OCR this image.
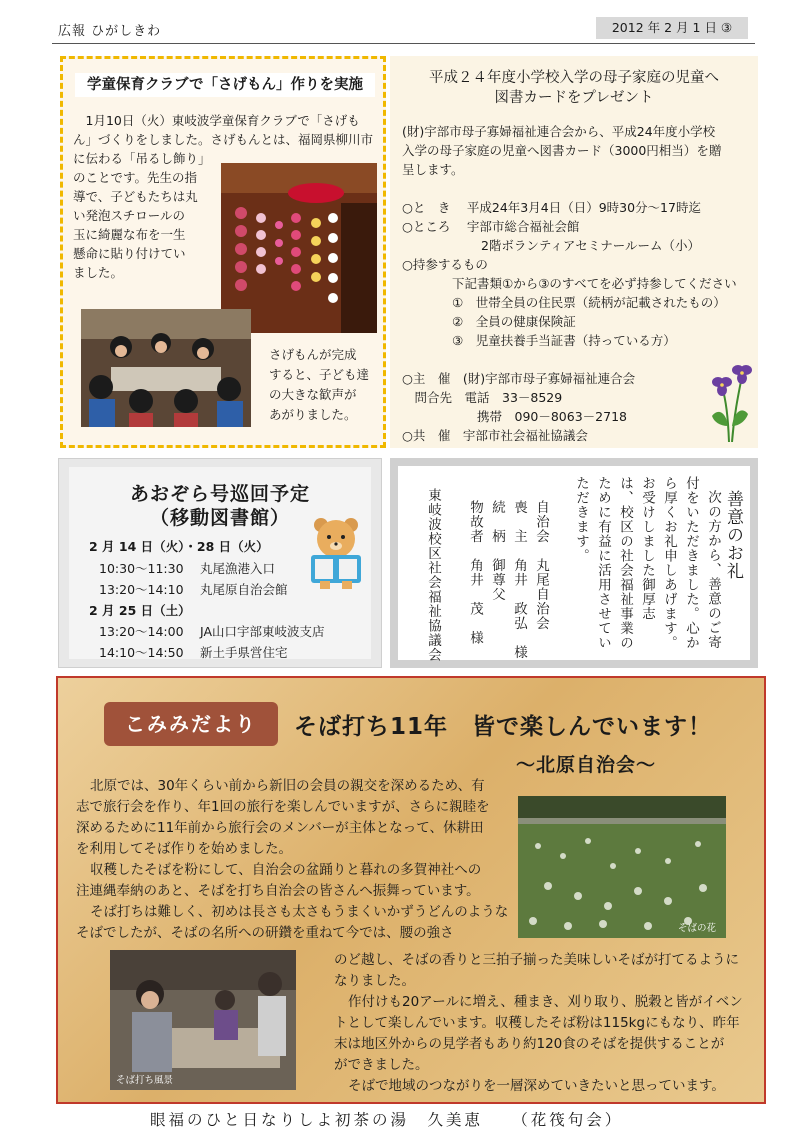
広報 ひがしきわ	2012 年 2 月 1 日 ③
学童保育クラブで「さげもん」作りを実施
1月10日（火）東岐波学童保育クラブで「さげも
ん」づくりをしました。さげもんとは、福岡県柳川市
に伝わる「吊るし飾り」
のことです。先生の指
導で、子どもたちは丸
い発泡スチロールの
玉に綺麗な布を一生
懸命に貼り付けてい
ました。
さげもんが完成
すると、子ども達
の大きな歓声が
あがりました。
平成２４年度小学校入学の母子家庭の児童へ
図書カードをプレゼント
(財)宇部市母子寡婦福祉連合会から、平成24年度小学校
入学の母子家庭の児童へ図書カード（3000円相当）を贈
呈します。
○と　き　 平成24年3月4日（日）9時30分～17時迄
○ところ　 宇部市総合福祉会館
　　　　　　 2階ボランティアセミナールーム（小）
○持参するもの
　　　　下記書類①から③のすべてを必ず持参してください
　　　　①　世帯全員の住民票（続柄が記載されたもの）
　　　　②　全員の健康保険証
　　　　③　児童扶養手当証書（持っている方）
○主　催　(財)宇部市母子寡婦福祉連合会
　問合先　電話　33－8529
　　　　　　携帯　090－8063－2718
○共　催　宇部市社会福祉協議会
あおぞら号巡回予定
（移動図書館）
2 月 14 日（火）・28 日（火）
10:30～11:30　 丸尾漁港入口
13:20～14:10　 丸尾原自治会館
2 月 25 日（土）
13:20～14:00　 JA山口宇部東岐波支店
14:10～14:50　 新土手県営住宅
善意のお礼
次の方から、善意のご寄
付をいただきました。心か
ら厚くお礼申しあげます。
お受けしました御厚志
は、校区の社会福祉事業の
ために有益に活用させてい
ただきます。
自治会　丸尾自治会
喪　主　角井　政弘　様
続　柄　御尊父
物故者　角井　茂　様
東岐波校区社会福祉協議会
こみみだより	そば打ち11年　皆で楽しんでいます！
～北原自治会～
北原では、30年くらい前から新旧の会員の親交を深めるため、有
志で旅行会を作り、年1回の旅行を楽しんでいますが、さらに親睦を
深めるために11年前から旅行会のメンバーが主体となって、休耕田
を利用してそば作りを始めました。
収穫したそばを粉にして、自治会の盆踊りと暮れの多賀神社への
注連縄奉納のあと、そばを打ち自治会の皆さんへ振舞っています。
そば打ちは難しく、初めは長さも太さもうまくいかずうどんのような
そばでしたが、そばの名所への研鑽を重ねて今では、腰の強さ
のど越し、そばの香りと三拍子揃った美味しいそばが打てるように
なりました。
作付けも20アールに増え、種まき、刈り取り、脱穀と皆がイベン
トとして楽しんでいます。収穫したそば粉は115kgにもなり、昨年
末は地区外からの見学者もあり約120食のそばを提供することが
ができました。
そばで地域のつながりを一層深めていきたいと思っています。
そばの花
そば打ち風景
眼福のひと日なりしよ初茶の湯　久美恵　　（花筏句会）
